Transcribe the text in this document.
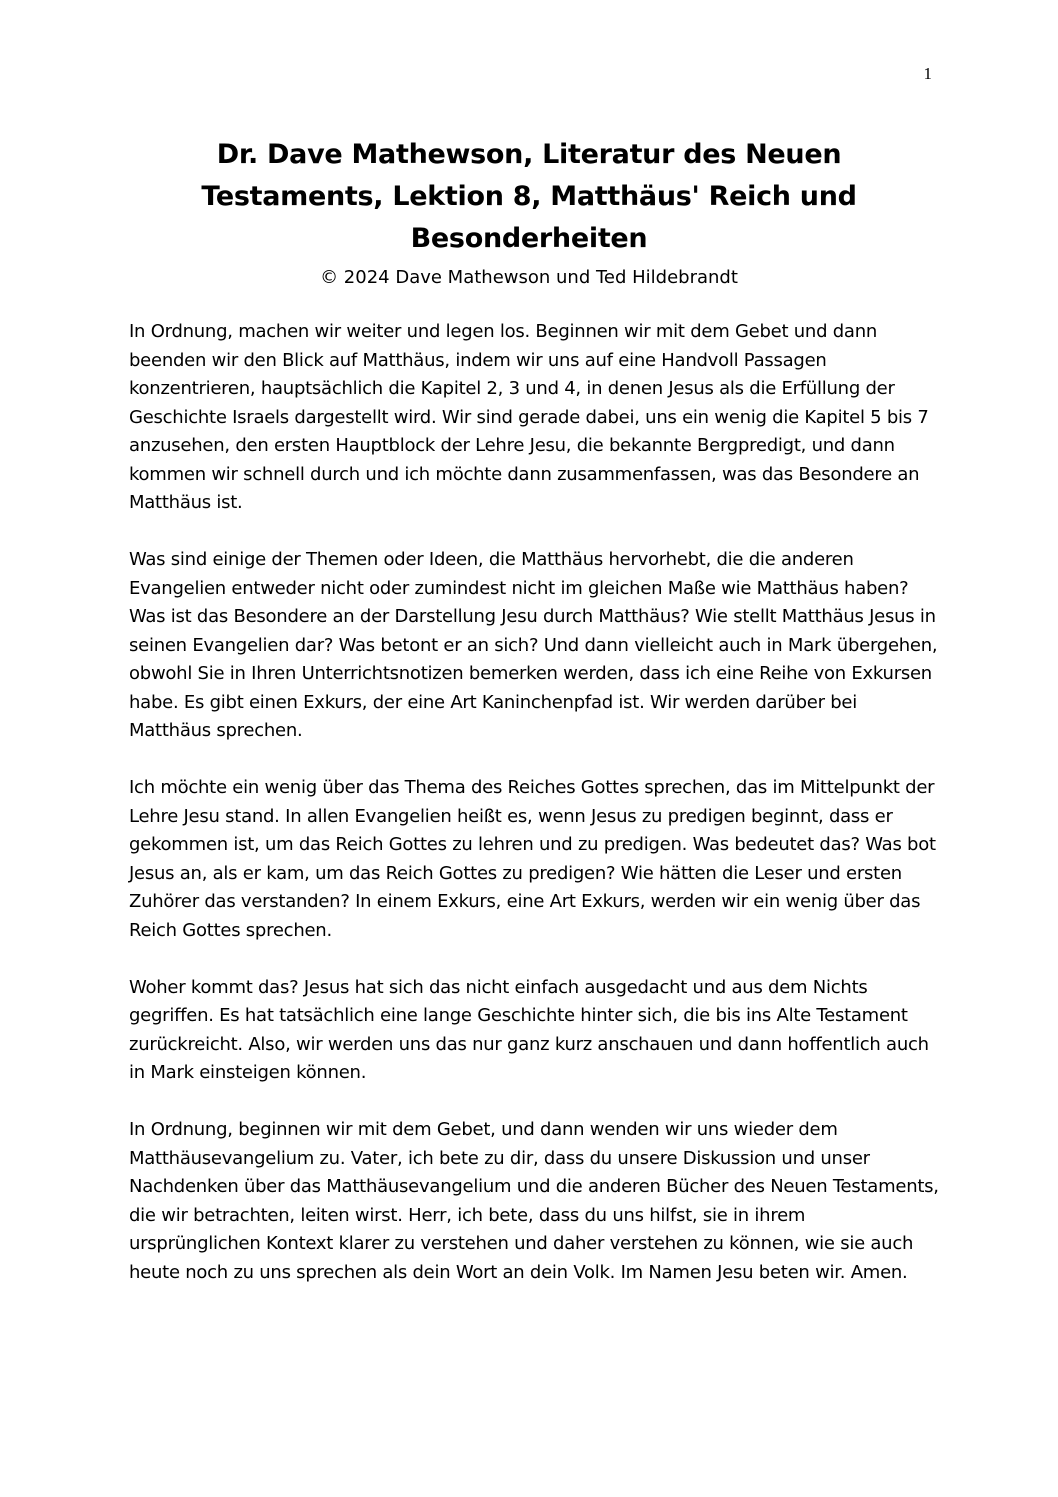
1
Dr. Dave Mathewson, Literatur des Neuen Testaments, Lektion 8, Matthäus' Reich und Besonderheiten
© 2024 Dave Mathewson und Ted Hildebrandt

In Ordnung, machen wir weiter und legen los. Beginnen wir mit dem Gebet und dann beenden wir den Blick auf Matthäus, indem wir uns auf eine Handvoll Passagen konzentrieren, hauptsächlich die Kapitel 2, 3 und 4, in denen Jesus als die Erfüllung der Geschichte Israels dargestellt wird. Wir sind gerade dabei, uns ein wenig die Kapitel 5 bis 7 anzusehen, den ersten Hauptblock der Lehre Jesu, die bekannte Bergpredigt, und dann kommen wir schnell durch und ich möchte dann zusammenfassen, was das Besondere an Matthäus ist.

Was sind einige der Themen oder Ideen, die Matthäus hervorhebt, die die anderen Evangelien entweder nicht oder zumindest nicht im gleichen Maße wie Matthäus haben? Was ist das Besondere an der Darstellung Jesu durch Matthäus? Wie stellt Matthäus Jesus in seinen Evangelien dar? Was betont er an sich? Und dann vielleicht auch in Mark übergehen, obwohl Sie in Ihren Unterrichtsnotizen bemerken werden, dass ich eine Reihe von Exkursen habe. Es gibt einen Exkurs, der eine Art Kaninchenpfad ist. Wir werden darüber bei Matthäus sprechen.

Ich möchte ein wenig über das Thema des Reiches Gottes sprechen, das im Mittelpunkt der Lehre Jesu stand. In allen Evangelien heißt es, wenn Jesus zu predigen beginnt, dass er gekommen ist, um das Reich Gottes zu lehren und zu predigen. Was bedeutet das? Was bot Jesus an, als er kam, um das Reich Gottes zu predigen? Wie hätten die Leser und ersten Zuhörer das verstanden? In einem Exkurs, eine Art Exkurs, werden wir ein wenig über das Reich Gottes sprechen.

Woher kommt das? Jesus hat sich das nicht einfach ausgedacht und aus dem Nichts gegriffen. Es hat tatsächlich eine lange Geschichte hinter sich, die bis ins Alte Testament zurückreicht. Also, wir werden uns das nur ganz kurz anschauen und dann hoffentlich auch in Mark einsteigen können.

In Ordnung, beginnen wir mit dem Gebet, und dann wenden wir uns wieder dem Matthäusevangelium zu. Vater, ich bete zu dir, dass du unsere Diskussion und unser Nachdenken über das Matthäusevangelium und die anderen Bücher des Neuen Testaments, die wir betrachten, leiten wirst. Herr, ich bete, dass du uns hilfst, sie in ihrem ursprünglichen Kontext klarer zu verstehen und daher verstehen zu können, wie sie auch heute noch zu uns sprechen als dein Wort an dein Volk. Im Namen Jesu beten wir. Amen.
